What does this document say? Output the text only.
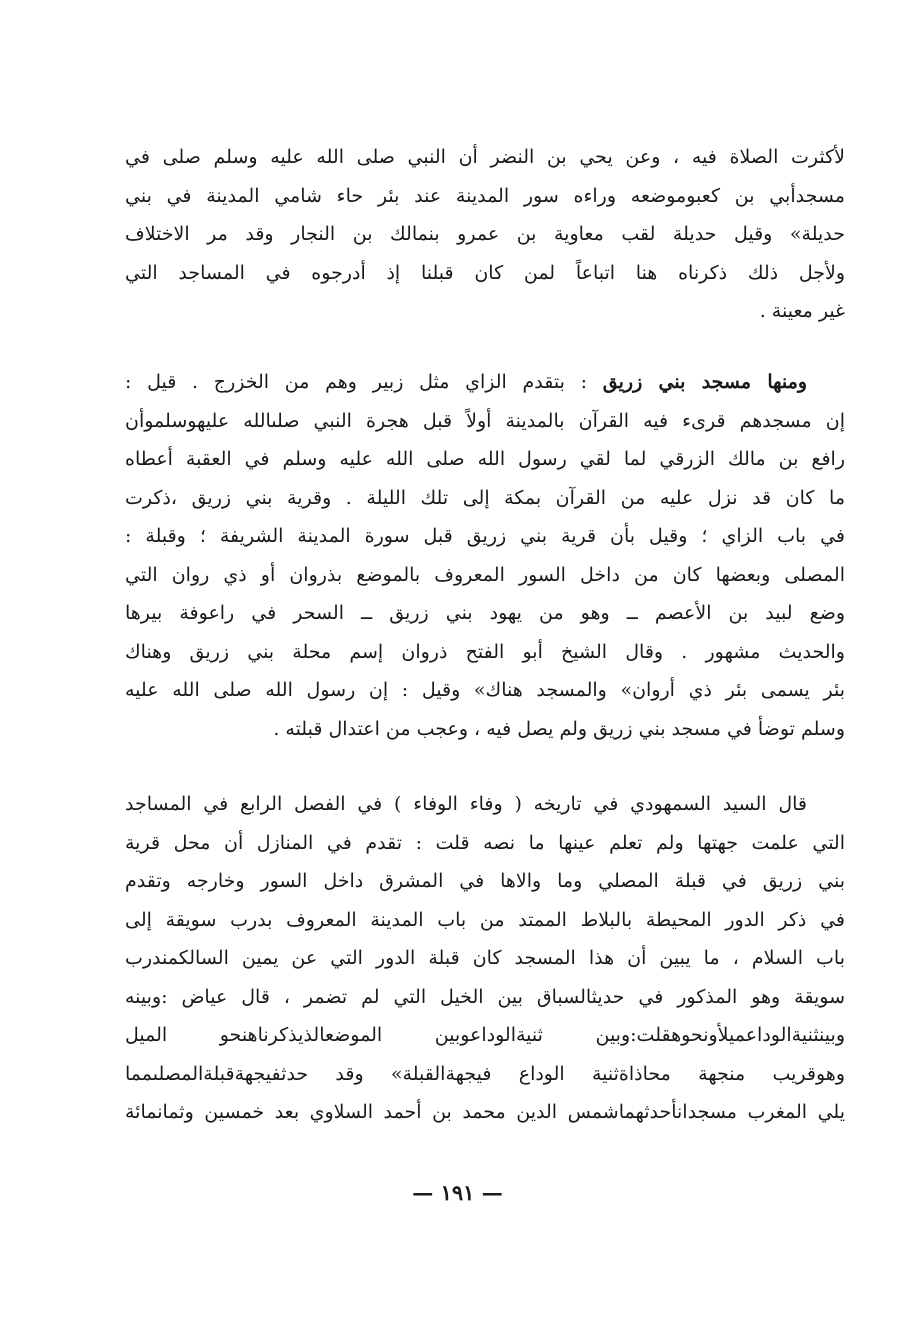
لأكثرت الصلاة فيه ، وعن يحي بن النضر أن النبي صلى الله عليه وسلم صلى في
مسجدأبي بن كعبوموضعه وراءه سور المدينة عند بئر حاء شامي المدينة في بني
حديلة» وقيل حديلة لقب معاوية بن عمرو بنمالك بن النجار وقد مر الاختلاف
ولأجل ذلك ذكرناه هنا اتباعاً لمن كان قبلنا إذ أدرجوه في المساجد التي
غير معينة .
ومنها مسجد بني زريق : بتقدم الزاي مثل زبير وهم من الخزرج . قيل :
إن مسجدهم قرىء فيه القرآن بالمدينة أولاً قبل هجرة النبي صلىالله عليهوسلموأن
رافع بن مالك الزرقي لما لقي رسول الله صلى الله عليه وسلم في العقبة أعطاه
ما كان قد نزل عليه من القرآن بمكة إلى تلك الليلة . وقرية بني زريق ،ذكرت
في باب الزاي ؛ وقيل بأن قرية بني زريق قبل سورة المدينة الشريفة ؛ وقبلة :
المصلى وبعضها كان من داخل السور المعروف بالموضع بذروان أو ذي روان التي
وضع لبيد بن الأعصم ــ وهو من يهود بني زريق ــ السحر في راعوفة بيرها
والحديث مشهور . وقال الشيخ أبو الفتح ذروان إسم محلة بني زريق وهناك
بئر يسمى بئر ذي أروان» والمسجد هناك» وقيل : إن رسول الله صلى الله عليه
وسلم توضأ في مسجد بني زريق ولم يصل فيه ، وعجب من اعتدال قبلته .
قال السيد السمهودي في تاريخه ( وفاء الوفاء ) في الفصل الرابع في المساجد
التي علمت جهتها ولم تعلم عينها ما نصه قلت : تقدم في المنازل أن محل قرية
بني زريق في قبلة المصلي وما والاها في المشرق داخل السور وخارجه وتقدم
في ذكر الدور المحيطة بالبلاط الممتد من باب المدينة المعروف بدرب سويقة إلى
باب السلام ، ما يبين أن هذا المسجد كان قبلة الدور التي عن يمين السالكمندرب
سويقة وهو المذكور في حديثالسباق بين الخيل التي لم تضمر ، قال عياض :وبينه
وبينثنيةالوداعميلأونحوهقلت:وبين ثنيةالوداعوبين الموضعالذيذكرناهنحو الميل
وهوقريب منجهة محاذاةثنية الوداع فيجهةالقبلة» وقد حدثفيجهةقبلةالمصلىمما
يلي المغرب مسجدانأحدثهماشمس الدين محمد بن أحمد السلاوي بعد خمسين وثمانمائة
— ١٩١ —
